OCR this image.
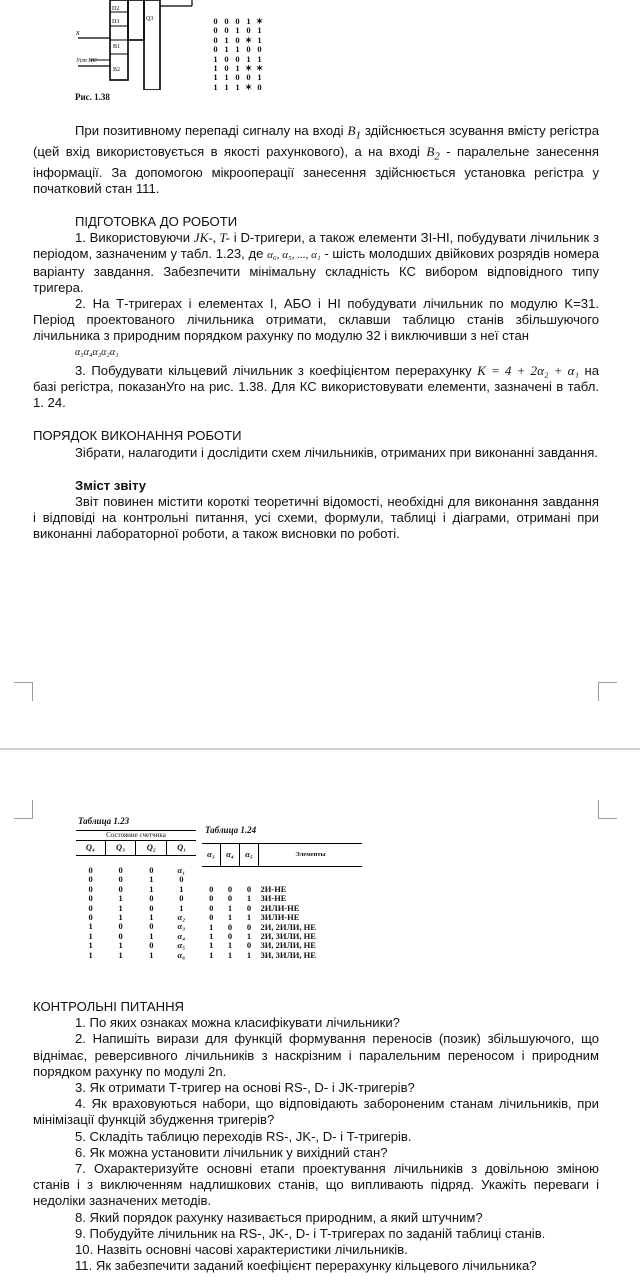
D2
D3	Q3
В1
В2
x
Уст НС
0	0	0	1	✶
0	0	1	0	1
0	1	0	✶	1
0	1	1	0	0
1	0	0	1	1
1	0	1	✶	✶
1	1	0	0	1
1	1	1	✶	0
Рис. 1.38

При позитивному перепаді сигналу на вході $В_1$ здійснюється зсування вмісту регістра (цей вхід використовується в якості рахункового), а на вході $В_2$ - паралельне занесення інформації. За допомогою мікрооперації занесення здійснюється установка регістра у початковий стан 111.

ПІДГОТОВКА ДО РОБОТИ

1. Використовуючи JK-, T- і D-тригери, а також елементи ЗІ-НІ, побудувати лічильник з періодом, зазначеним у табл. 1.23, де α₆, α₅, ..., α₁ - шість молодших двійкових розрядів номера варіанту завдання. Забезпечити мінімальну складність КС вибором відповідного типу тригера.

2. На Т-тригерах і елементах І, АБО і НІ побудувати лічильник по модулю K=31. Період проектованого лічильника отримати, склавши таблицю станів збільшуючого лічильника з природним порядком рахунку по модулю 32 і виключивши з неї стан

α₅α₄α₃α₂α₁

3. Побудувати кільцевий лічильник з коефіцієнтом перерахунку K = 4 + 2α₂ + α₁ на базі регістра, показанУго на рис. 1.38. Для КС використовувати елементи, зазначені в табл. 1. 24.

ПОРЯДОК ВИКОНАННЯ РОБОТИ

Зібрати, налагодити і дослідити схем лічильників, отриманих при виконанні завдання.

Зміст звіту

Звіт повинен містити короткі теоретичні відомості, необхідні для виконання завдання і відповіді на контрольні питання, усі схеми, формули, таблиці і діаграми, отримані при виконанні лабораторної роботи, а також висновки по роботі.

Таблица 1.23
Состояние счетчика
Q₄	Q₃	Q₂	Q₁

0	0	0	α₁
0	0	1	0
0	0	1	1
0	1	0	0
0	1	0	1
0	1	1	α₂
1	0	0	α₃
1	0	1	α₄
1	1	0	α₅
1	1	1	α₆
Таблица 1.24
α₃	α₄	α₅	Элементы

0	0	0	2И-НЕ
0	0	1	3И-НЕ
0	1	0	2ИЛИ-НЕ
0	1	1	3ИЛИ-НЕ
1	0	0	2И, 2ИЛИ, НЕ
1	0	1	2И, 3ИЛИ, НЕ
1	1	0	3И, 2ИЛИ, НЕ
1	1	1	3И, 3ИЛИ, НЕ

КОНТРОЛЬНІ ПИТАННЯ

1. По яких ознаках можна класифікувати лічильники?

2. Напишіть вирази для функцій формування переносів (позик) збільшуючого, що віднімає, реверсивного лічильників з наскрізним і паралельним переносом і природним порядком рахунку по модулі 2n.

3. Як отримати Т-тригер на основі RS-, D- і JK-тригерів?

4. Як враховуються набори, що відповідають забороненим станам лічильників, при мінімізації функцій збудження тригерів?

5. Складіть таблицю переходів RS-, JK-, D- і T-тригерів.

6. Як можна установити лічильник у вихідний стан?

7. Охарактеризуйте основні етапи проектування лічильників з довільною зміною станів і з виключенням надлишкових станів, що випливають підряд. Укажіть переваги і недоліки зазначених методів.

8. Який порядок рахунку називається природним, а який штучним?

9. Побудуйте лічильник на RS-, JK-, D- і T-тригерах по заданій таблиці станів.

10. Назвіть основні часові характеристики лічильників.

11. Як забезпечити заданий коефіцієнт перерахунку кільцевого лічильника?
